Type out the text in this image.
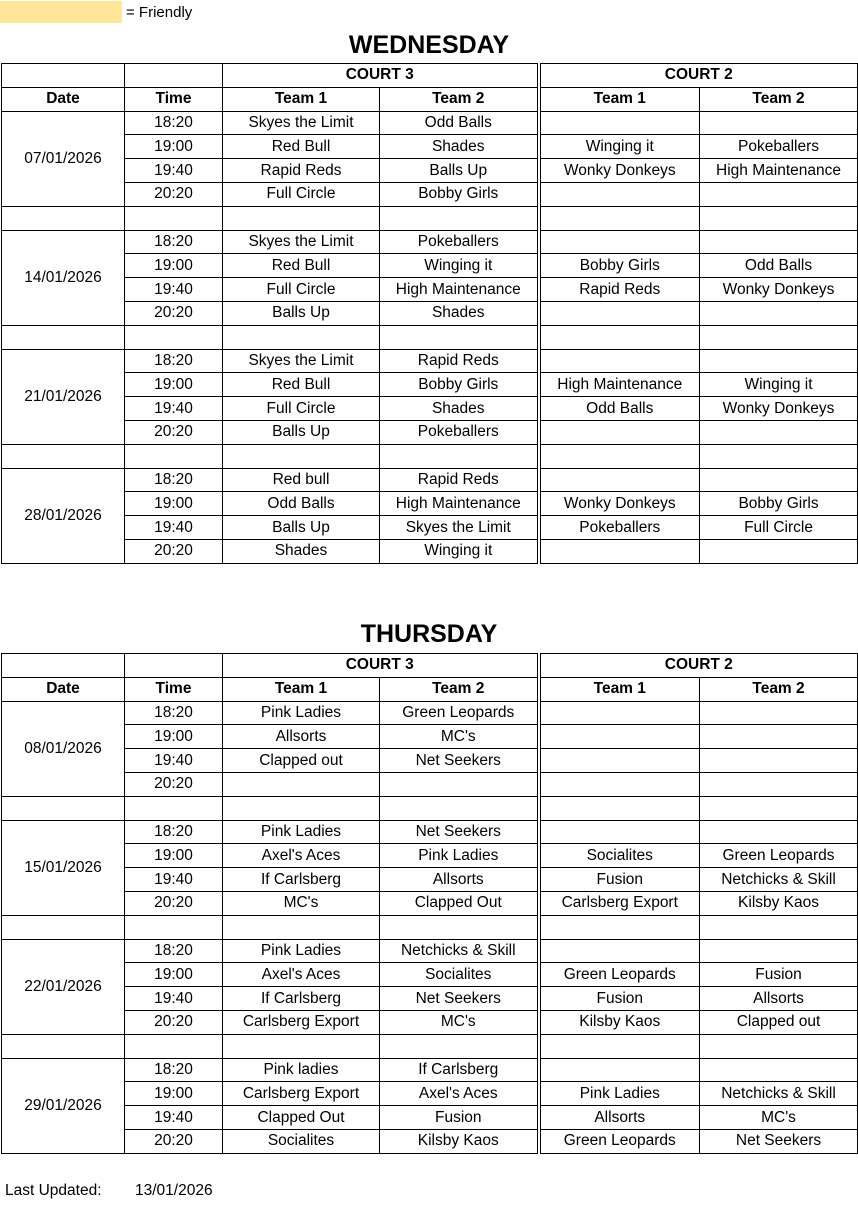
= Friendly
WEDNESDAY
		COURT 3		COURT 2	
Date	Time	Team 1	Team 2	Team 1	Team 2
07/01/2026	18:20	Skyes the Limit	Odd Balls		
	19:00	Red Bull	Shades	Winging it	Pokeballers
	19:40	Rapid Reds	Balls Up	Wonky Donkeys	High Maintenance
	20:20	Full Circle	Bobby Girls		

14/01/2026	18:20	Skyes the Limit	Pokeballers		
	19:00	Red Bull	Winging it	Bobby Girls	Odd Balls
	19:40	Full Circle	High Maintenance	Rapid Reds	Wonky Donkeys
	20:20	Balls Up	Shades		

21/01/2026	18:20	Skyes the Limit	Rapid Reds		
	19:00	Red Bull	Bobby Girls	High Maintenance	Winging it
	19:40	Full Circle	Shades	Odd Balls	Wonky Donkeys
	20:20	Balls Up	Pokeballers		

28/01/2026	18:20	Red bull	Rapid Reds		
	19:00	Odd Balls	High Maintenance	Wonky Donkeys	Bobby Girls
	19:40	Balls Up	Skyes the Limit	Pokeballers	Full Circle
	20:20	Shades	Winging it		
THURSDAY
		COURT 3		COURT 2	
Date	Time	Team 1	Team 2	Team 1	Team 2
08/01/2026	18:20	Pink Ladies	Green Leopards		
	19:00	Allsorts	MC's		
	19:40	Clapped out	Net Seekers		
	20:20				

15/01/2026	18:20	Pink Ladies	Net Seekers		
	19:00	Axel's Aces	Pink Ladies	Socialites	Green Leopards
	19:40	If Carlsberg	Allsorts	Fusion	Netchicks & Skill
	20:20	MC's	Clapped Out	Carlsberg Export	Kilsby Kaos

22/01/2026	18:20	Pink Ladies	Netchicks & Skill		
	19:00	Axel's Aces	Socialites	Green Leopards	Fusion
	19:40	If Carlsberg	Net Seekers	Fusion	Allsorts
	20:20	Carlsberg Export	MC's	Kilsby Kaos	Clapped out

29/01/2026	18:20	Pink ladies	If Carlsberg		
	19:00	Carlsberg Export	Axel's Aces	Pink Ladies	Netchicks & Skill
	19:40	Clapped Out	Fusion	Allsorts	MC's
	20:20	Socialites	Kilsby Kaos	Green Leopards	Net Seekers
Last Updated:	13/01/2026
